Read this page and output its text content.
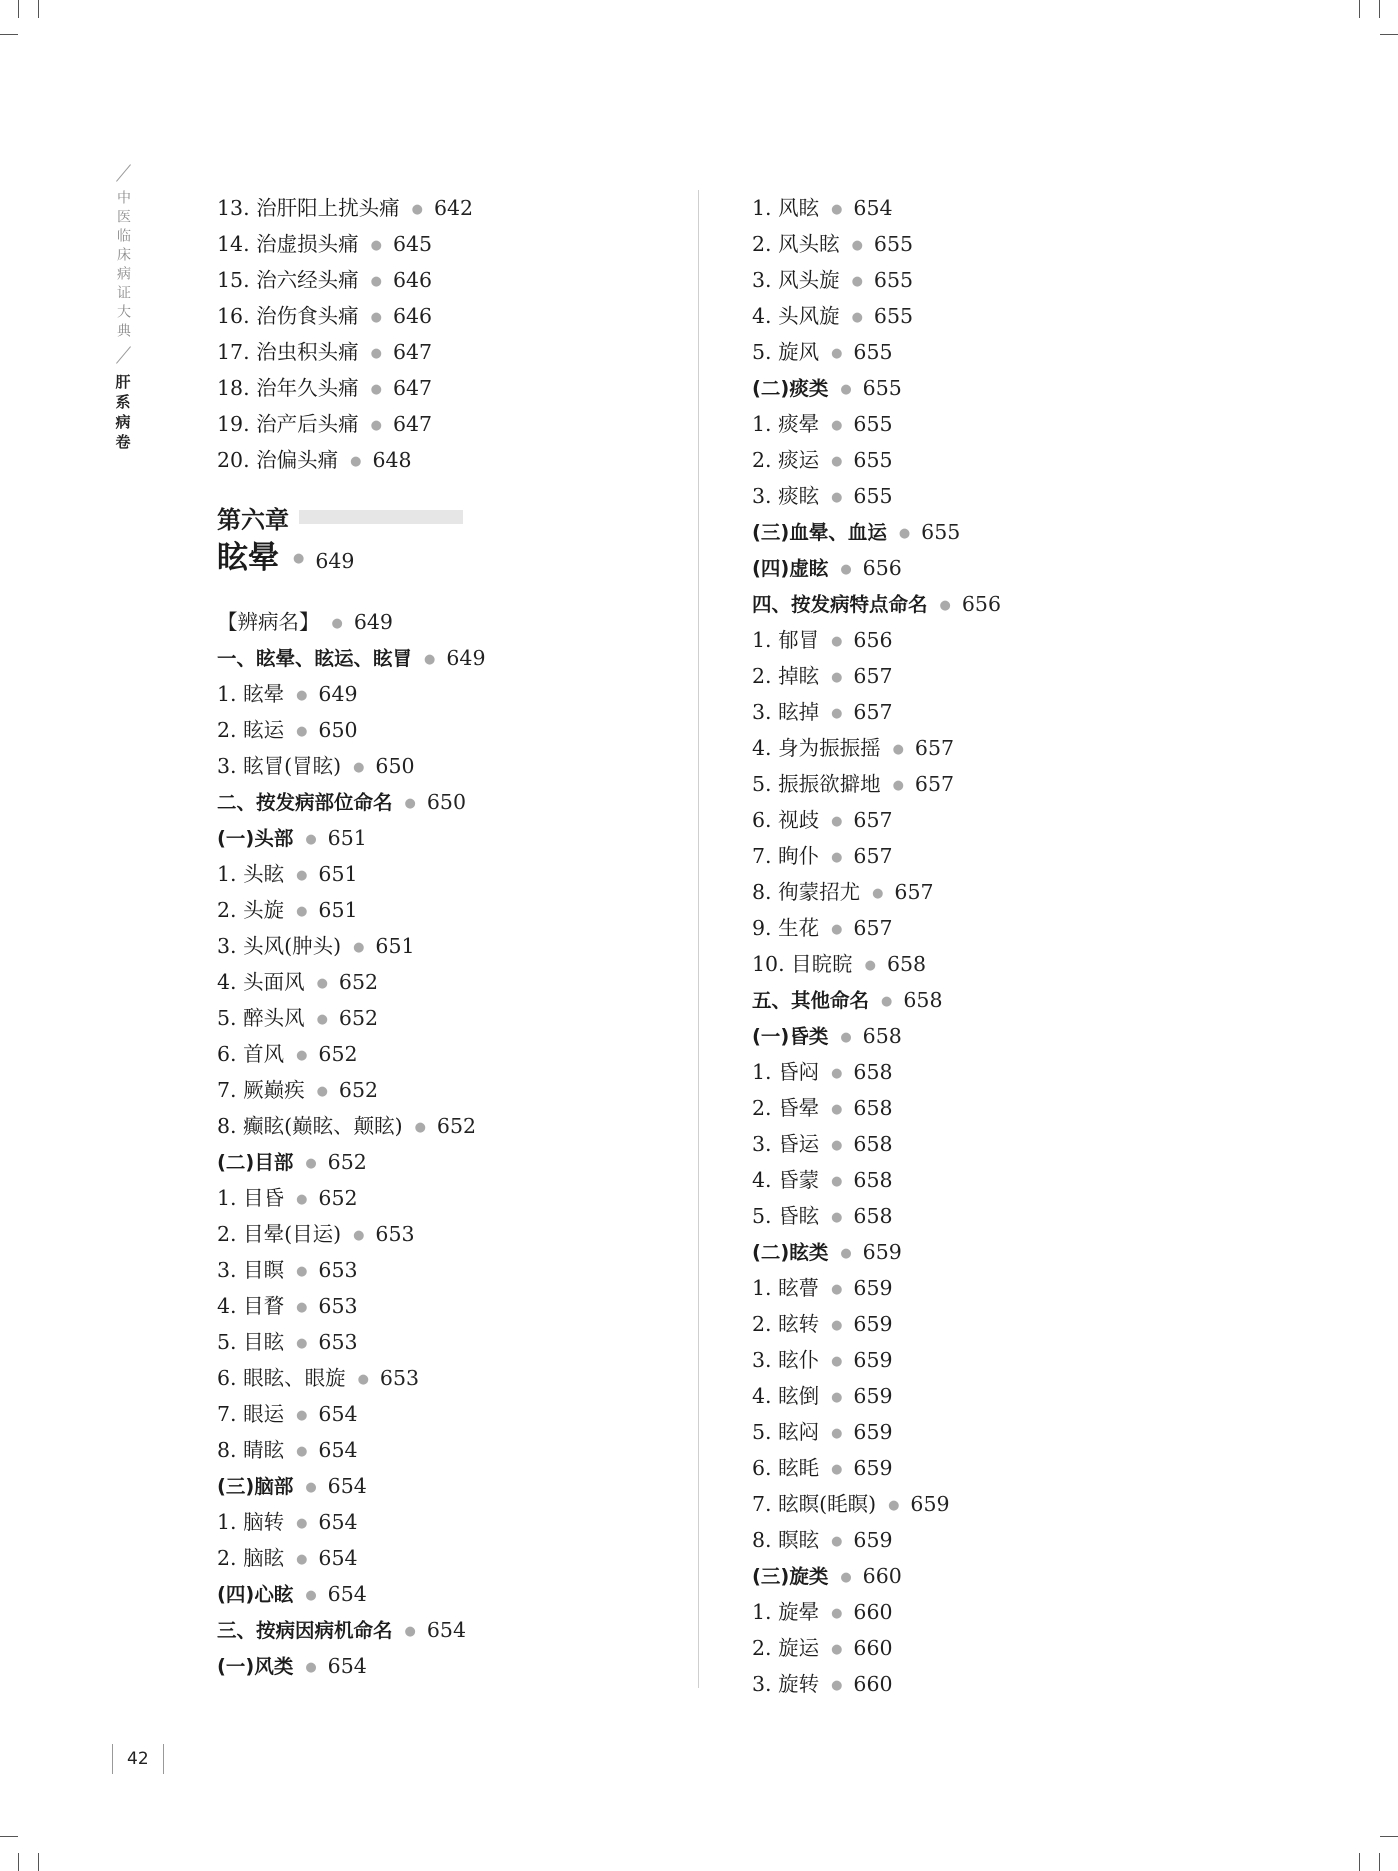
中医临床病证大典
肝系病卷
13. 治肝阳上扰头痛 ● 642
14. 治虚损头痛 ● 645
15. 治六经头痛 ● 646
16. 治伤食头痛 ● 646
17. 治虫积头痛 ● 647
18. 治年久头痛 ● 647
19. 治产后头痛 ● 647
20. 治偏头痛 ● 648
第六章
眩晕 ● 649
【辨病名】 ● 649
一、眩晕、眩运、眩冒 ● 649
1. 眩晕 ● 649
2. 眩运 ● 650
3. 眩冒(冒眩) ● 650
二、按发病部位命名 ● 650
(一)头部 ● 651
1. 头眩 ● 651
2. 头旋 ● 651
3. 头风(肿头) ● 651
4. 头面风 ● 652
5. 醉头风 ● 652
6. 首风 ● 652
7. 厥巅疾 ● 652
8. 癫眩(巅眩、颠眩) ● 652
(二)目部 ● 652
1. 目昏 ● 652
2. 目晕(目运) ● 653
3. 目瞑 ● 653
4. 目瞀 ● 653
5. 目眩 ● 653
6. 眼眩、眼旋 ● 653
7. 眼运 ● 654
8. 睛眩 ● 654
(三)脑部 ● 654
1. 脑转 ● 654
2. 脑眩 ● 654
(四)心眩 ● 654
三、按病因病机命名 ● 654
(一)风类 ● 654
1. 风眩 ● 654
2. 风头眩 ● 655
3. 风头旋 ● 655
4. 头风旋 ● 655
5. 旋风 ● 655
(二)痰类 ● 655
1. 痰晕 ● 655
2. 痰运 ● 655
3. 痰眩 ● 655
(三)血晕、血运 ● 655
(四)虚眩 ● 656
四、按发病特点命名 ● 656
1. 郁冒 ● 656
2. 掉眩 ● 657
3. 眩掉 ● 657
4. 身为振振摇 ● 657
5. 振振欲擗地 ● 657
6. 视歧 ● 657
7. 眴仆 ● 657
8. 徇蒙招尤 ● 657
9. 生花 ● 657
10. 目睆睆 ● 658
五、其他命名 ● 658
(一)昏类 ● 658
1. 昏闷 ● 658
2. 昏晕 ● 658
3. 昏运 ● 658
4. 昏蒙 ● 658
5. 昏眩 ● 658
(二)眩类 ● 659
1. 眩瞢 ● 659
2. 眩转 ● 659
3. 眩仆 ● 659
4. 眩倒 ● 659
5. 眩闷 ● 659
6. 眩眊 ● 659
7. 眩瞑(眊瞑) ● 659
8. 瞑眩 ● 659
(三)旋类 ● 660
1. 旋晕 ● 660
2. 旋运 ● 660
3. 旋转 ● 660
42
